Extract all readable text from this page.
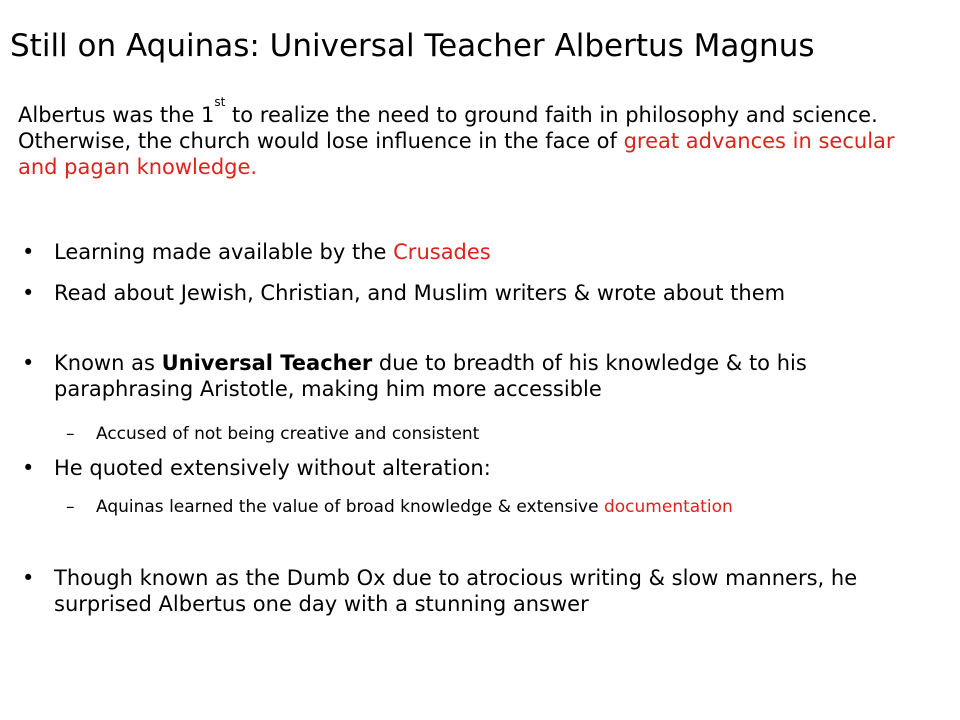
Still on Aquinas: Universal Teacher Albertus Magnus
Albertus was the 1st to realize the need to ground faith in philosophy and science. Otherwise, the church would lose influence in the face of great advances in secular and pagan knowledge.
• Learning made available by the Crusades
• Read about Jewish, Christian, and Muslim writers & wrote about them
• Known as Universal Teacher due to breadth of his knowledge & to his paraphrasing Aristotle, making him more accessible
– Accused of not being creative and consistent
• He quoted extensively without alteration:
– Aquinas learned the value of broad knowledge & extensive documentation
• Though known as the Dumb Ox due to atrocious writing & slow manners, he surprised Albertus one day with a stunning answer
